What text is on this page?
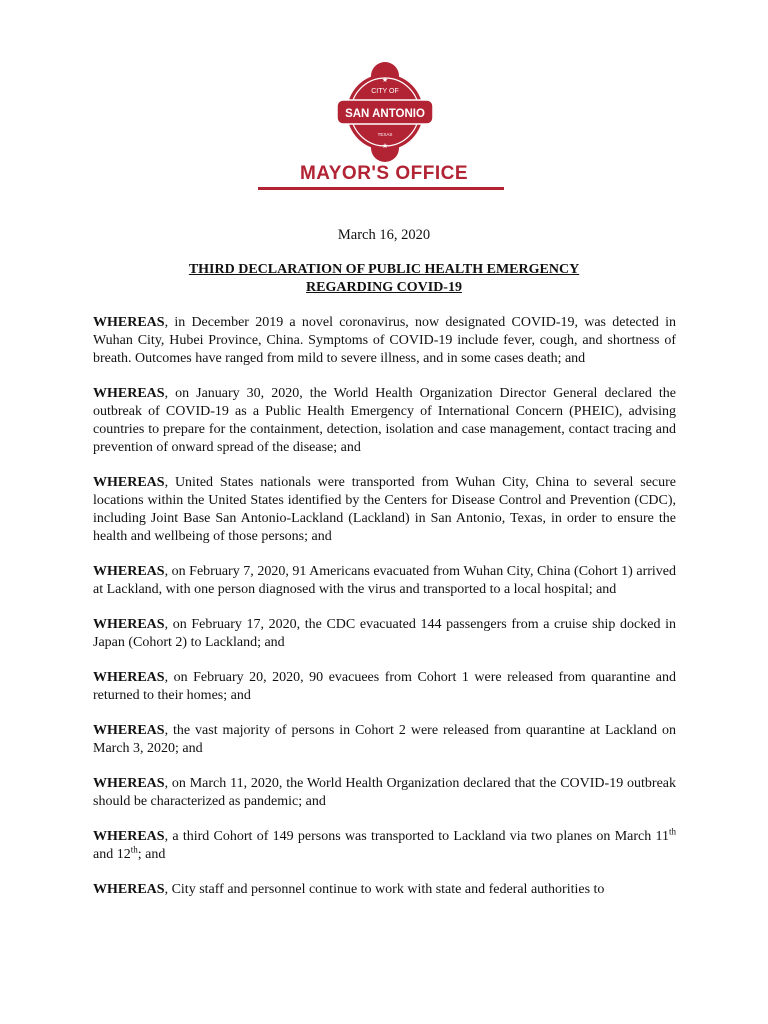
CITY OF
SAN ANTONIO
TEXAS
★
★
MAYOR'S OFFICE
March 16, 2020
THIRD DECLARATION OF PUBLIC HEALTH EMERGENCY
REGARDING COVID-19

WHEREAS, in December 2019 a novel coronavirus, now designated COVID-19, was detected in Wuhan City, Hubei Province, China. Symptoms of COVID-19 include fever, cough, and shortness of breath. Outcomes have ranged from mild to severe illness, and in some cases death; and

WHEREAS, on January 30, 2020, the World Health Organization Director General declared the outbreak of COVID-19 as a Public Health Emergency of International Concern (PHEIC), advising countries to prepare for the containment, detection, isolation and case management, contact tracing and prevention of onward spread of the disease; and

WHEREAS, United States nationals were transported from Wuhan City, China to several secure locations within the United States identified by the Centers for Disease Control and Prevention (CDC), including Joint Base San Antonio-Lackland (Lackland) in San Antonio, Texas, in order to ensure the health and wellbeing of those persons; and

WHEREAS, on February 7, 2020, 91 Americans evacuated from Wuhan City, China (Cohort 1) arrived at Lackland, with one person diagnosed with the virus and transported to a local hospital; and

WHEREAS, on February 17, 2020, the CDC evacuated 144 passengers from a cruise ship docked in Japan (Cohort 2) to Lackland; and

WHEREAS, on February 20, 2020, 90 evacuees from Cohort 1 were released from quarantine and returned to their homes; and

WHEREAS, the vast majority of persons in Cohort 2 were released from quarantine at Lackland on March 3, 2020; and

WHEREAS, on March 11, 2020, the World Health Organization declared that the COVID-19 outbreak should be characterized as pandemic; and

WHEREAS, a third Cohort of 149 persons was transported to Lackland via two planes on March 11th and 12th; and

WHEREAS, City staff and personnel continue to work with state and federal authorities to
